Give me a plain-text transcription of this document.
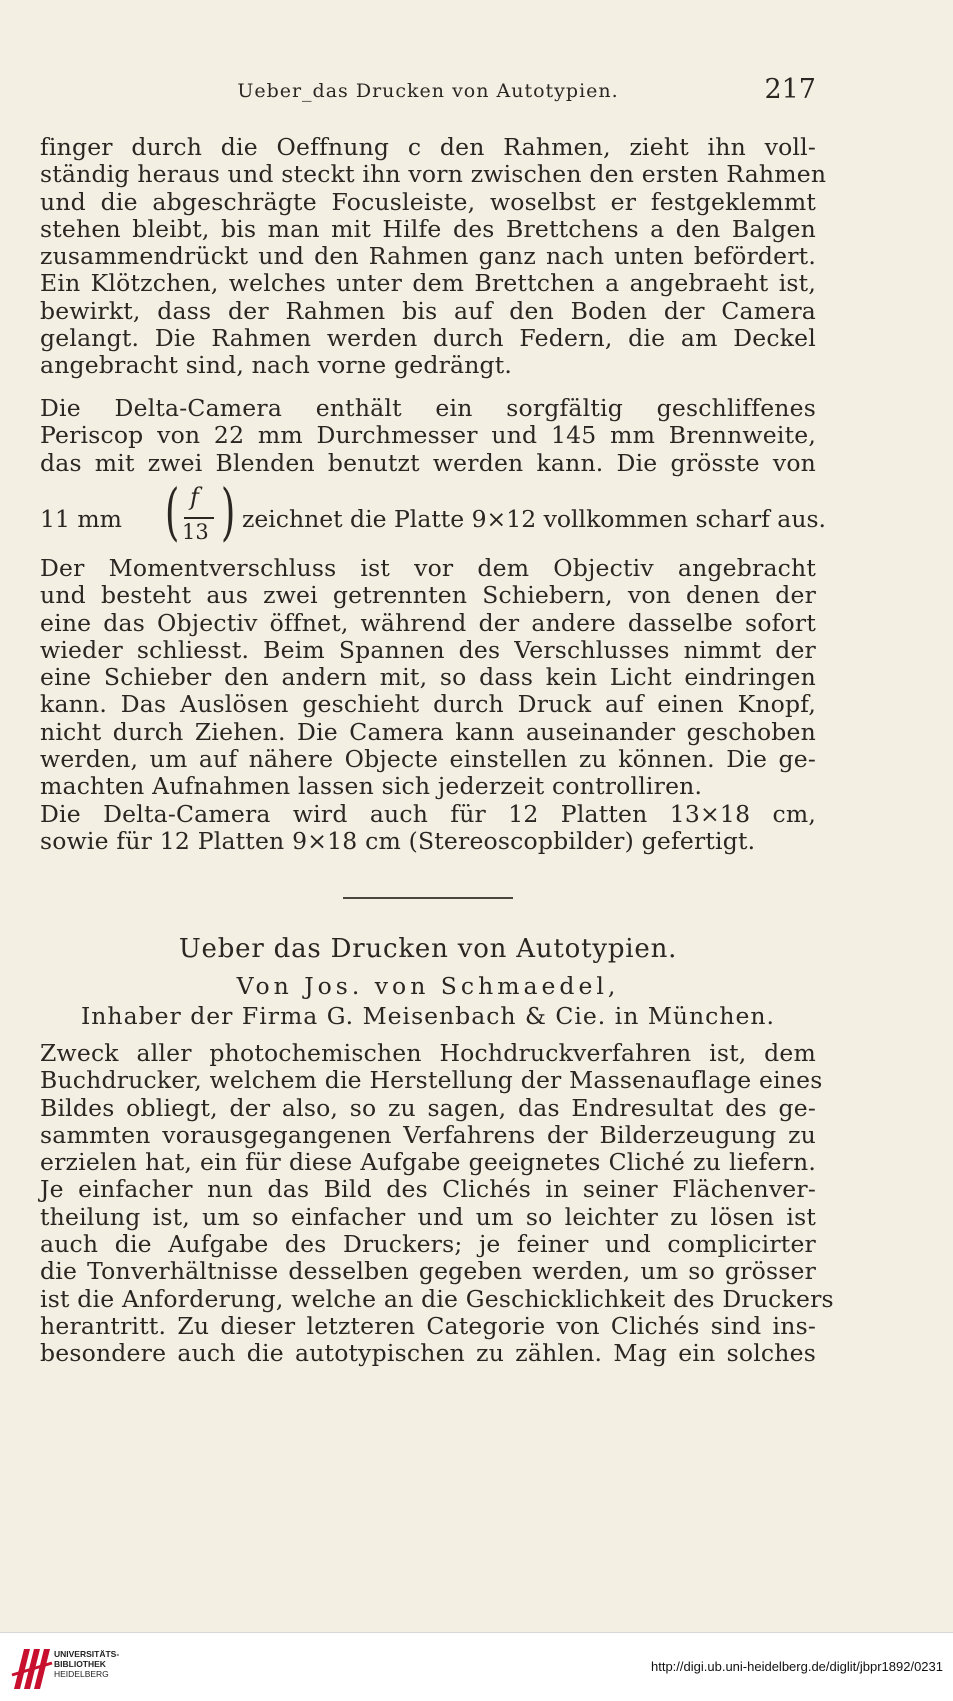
Ueber_das Drucken von Autotypien.	217
finger durch die Oeffnung c den Rahmen, zieht ihn voll-
ständig heraus und steckt ihn vorn zwischen den ersten Rahmen
und die abgeschrägte Focusleiste, woselbst er festgeklemmt
stehen bleibt, bis man mit Hilfe des Brettchens a den Balgen
zusammendrückt und den Rahmen ganz nach unten befördert.
Ein Klötzchen, welches unter dem Brettchen a angebraeht ist,
bewirkt, dass der Rahmen bis auf den Boden der Camera
gelangt. Die Rahmen werden durch Federn, die am Deckel
angebracht sind, nach vorne gedrängt.
Die Delta-Camera enthält ein sorgfältig geschliffenes
Periscop von 22 mm Durchmesser und 145 mm Brennweite,
das mit zwei Blenden benutzt werden kann. Die grösste von
11 mm ( f
13 ) zeichnet die Platte 9×12 vollkommen scharf aus.
Der Momentverschluss ist vor dem Objectiv angebracht
und besteht aus zwei getrennten Schiebern, von denen der
eine das Objectiv öffnet, während der andere dasselbe sofort
wieder schliesst. Beim Spannen des Verschlusses nimmt der
eine Schieber den andern mit, so dass kein Licht eindringen
kann. Das Auslösen geschieht durch Druck auf einen Knopf,
nicht durch Ziehen. Die Camera kann auseinander geschoben
werden, um auf nähere Objecte einstellen zu können. Die ge-
machten Aufnahmen lassen sich jederzeit controlliren.
Die Delta-Camera wird auch für 12 Platten 13×18 cm,
sowie für 12 Platten 9×18 cm (Stereoscopbilder) gefertigt.
Ueber das Drucken von Autotypien.
Von Jos. von Schmaedel,
Inhaber der Firma G. Meisenbach & Cie. in München.
Zweck aller photochemischen Hochdruckverfahren ist, dem
Buchdrucker, welchem die Herstellung der Massenauflage eines
Bildes obliegt, der also, so zu sagen, das Endresultat des ge-
sammten vorausgegangenen Verfahrens der Bilderzeugung zu
erzielen hat, ein für diese Aufgabe geeignetes Cliché zu liefern.
Je einfacher nun das Bild des Clichés in seiner Flächenver-
theilung ist, um so einfacher und um so leichter zu lösen ist
auch die Aufgabe des Druckers; je feiner und complicirter
die Tonverhältnisse desselben gegeben werden, um so grösser
ist die Anforderung, welche an die Geschicklichkeit des Druckers
herantritt. Zu dieser letzteren Categorie von Clichés sind ins-
besondere auch die autotypischen zu zählen. Mag ein solches
UNIVERSITÄTS-
BIBLIOTHEK
HEIDELBERG	http://digi.ub.uni-heidelberg.de/diglit/jbpr1892/0231
